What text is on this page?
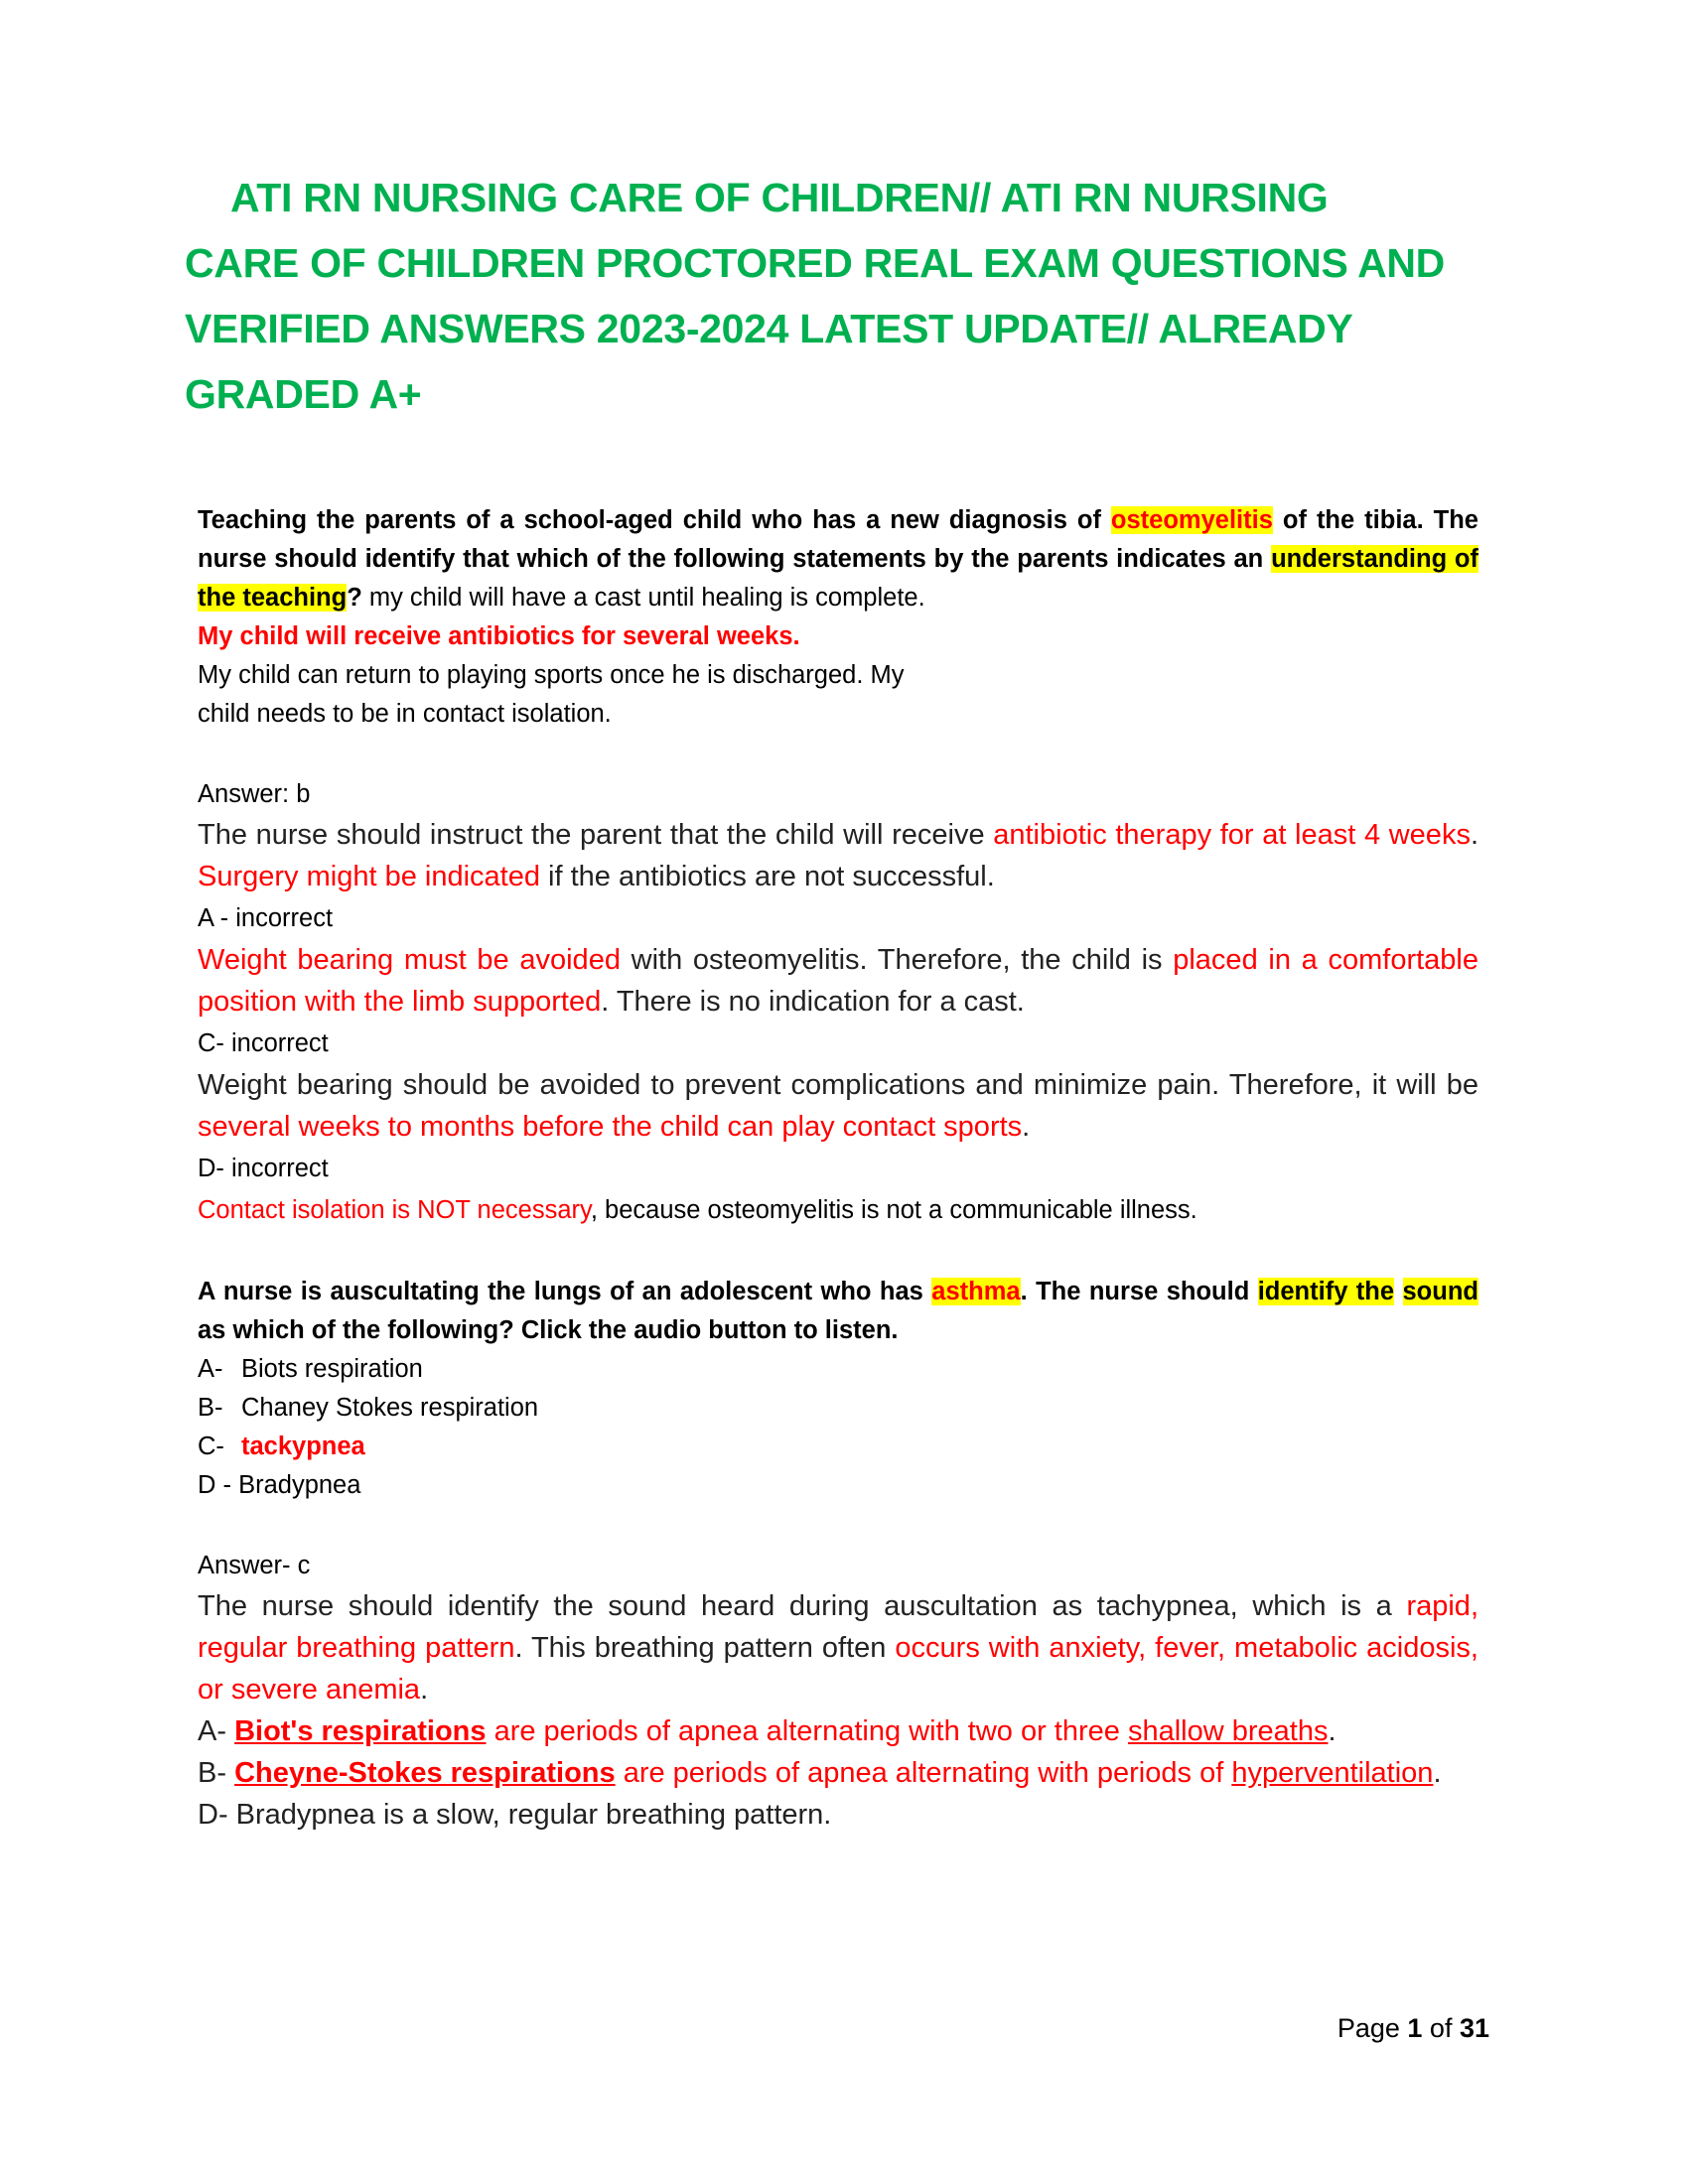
ATI RN NURSING CARE OF CHILDREN// ATI RN NURSING
CARE OF CHILDREN PROCTORED REAL EXAM QUESTIONS AND
VERIFIED ANSWERS 2023-2024 LATEST UPDATE// ALREADY
GRADED A+
Teaching the parents of a school-aged child who has a new diagnosis of osteomyelitis of the tibia. The nurse should identify that which of the following statements by the parents indicates an understanding of the teaching? my child will have a cast until healing is complete.
My child will receive antibiotics for several weeks.
My child can return to playing sports once he is discharged. My
child needs to be in contact isolation.
Answer: b
The nurse should instruct the parent that the child will receive antibiotic therapy for at least 4 weeks. Surgery might be indicated if the antibiotics are not successful.
A - incorrect
Weight bearing must be avoided with osteomyelitis. Therefore, the child is placed in a comfortable position with the limb supported. There is no indication for a cast.
C- incorrect
Weight bearing should be avoided to prevent complications and minimize pain. Therefore, it will be several weeks to months before the child can play contact sports.
D- incorrect
Contact isolation is NOT necessary, because osteomyelitis is not a communicable illness.
A nurse is auscultating the lungs of an adolescent who has asthma. The nurse should identify the sound as which of the following? Click the audio button to listen.
A- Biots respiration
B- Chaney Stokes respiration
C- tackypnea
D - Bradypnea
Answer- c
The nurse should identify the sound heard during auscultation as tachypnea, which is a rapid, regular breathing pattern. This breathing pattern often occurs with anxiety, fever, metabolic acidosis, or severe anemia.
A- Biot's respirations are periods of apnea alternating with two or three shallow breaths.
B- Cheyne-Stokes respirations are periods of apnea alternating with periods of hyperventilation.
D- Bradypnea is a slow, regular breathing pattern.
Page 1 of 31
